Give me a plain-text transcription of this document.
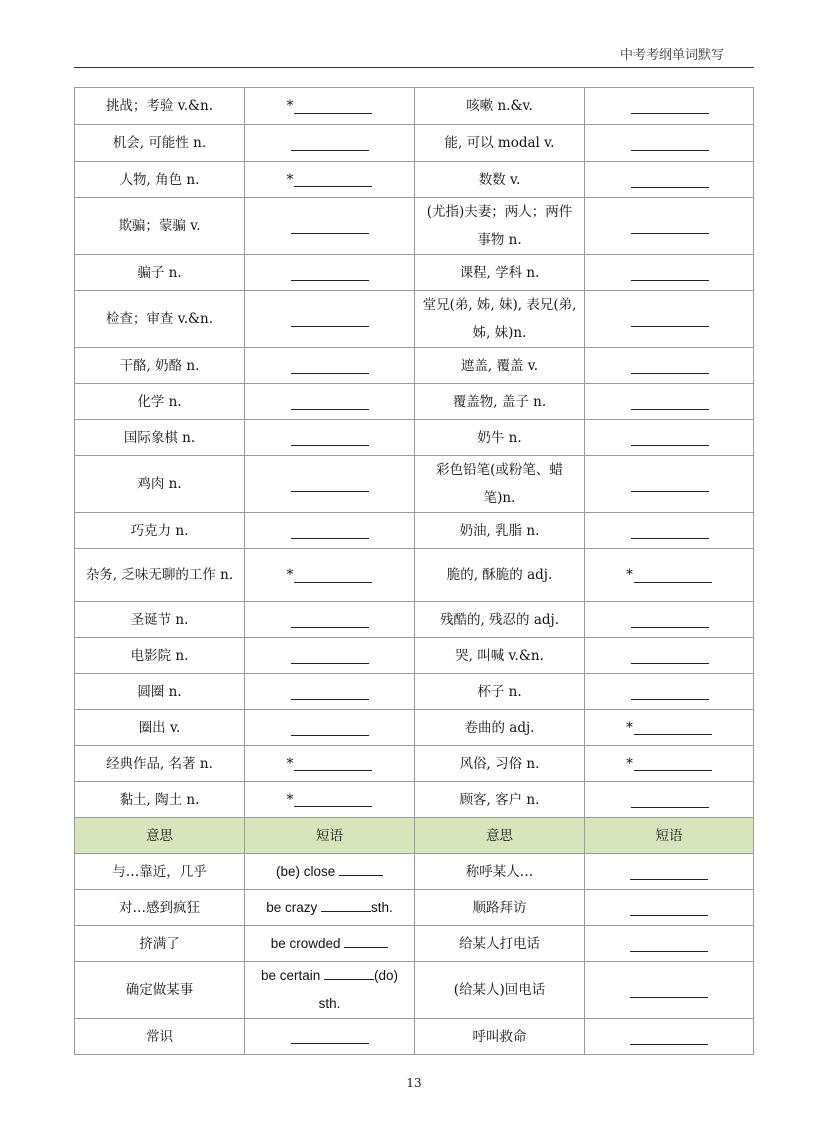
中考考纲单词默写
挑战；考验 v.&n.	*	咳嗽 n.&v.	
机会, 可能性 n.		能, 可以 modal v.	
人物, 角色 n.	*	数数 v.	
欺骗；蒙骗 v.		(尤指)夫妻；两人；两件事物 n.	
骗子 n.		课程, 学科 n.	
检查；审查 v.&n.		堂兄(弟, 姊, 妹), 表兄(弟, 姊, 妹)n.	
干酪, 奶酪 n.		遮盖, 覆盖 v.	
化学 n.		覆盖物, 盖子 n.	
国际象棋 n.		奶牛 n.	
鸡肉 n.		彩色铅笔(或粉笔、蜡笔)n.	
巧克力 n.		奶油, 乳脂 n.	
杂务, 乏味无聊的工作 n.	*	脆的, 酥脆的 adj.	*
圣诞节 n.		残酷的, 残忍的 adj.	
电影院 n.		哭, 叫喊 v.&n.	
圆圈 n.		杯子 n.	
圈出 v.		卷曲的 adj.	*
经典作品, 名著 n.	*	风俗, 习俗 n.	*
黏土, 陶土 n.	*	顾客, 客户 n.	
意思	短语	意思	短语
与…靠近，几乎	(be) close	称呼某人…	
对…感到疯狂	be crazy sth.	顺路拜访	
挤满了	be crowded	给某人打电话	
确定做某事	be certain (do) sth.	(给某人)回电话	
常识		呼叫救命	
13
